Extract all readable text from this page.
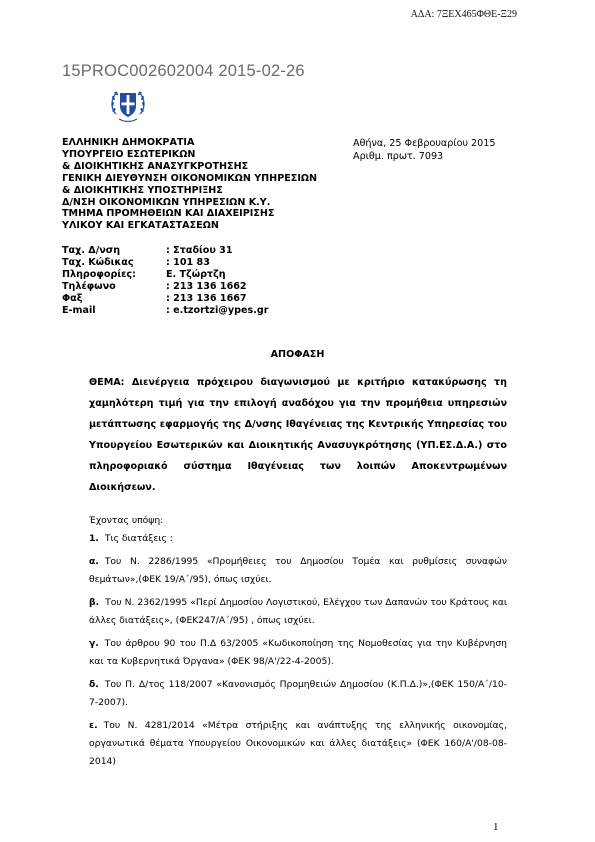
ΑΔΑ: 7ΞΕΧ465ΦΘΕ-Ξ29
15PROC002602004 2015-02-26
ΕΛΛΗΝΙΚΗ ΔΗΜΟΚΡΑΤΙΑ
ΥΠΟΥΡΓΕΙΟ ΕΣΩΤΕΡΙΚΩΝ
& ΔΙΟΙΚΗΤΙΚΗΣ ΑΝΑΣΥΓΚΡΟΤΗΣΗΣ
ΓΕΝΙΚΗ ΔΙΕΥΘΥΝΣΗ ΟΙΚΟΝΟΜΙΚΩΝ ΥΠΗΡΕΣΙΩΝ
& ΔΙΟΙΚΗΤΙΚΗΣ ΥΠΟΣΤΗΡΙΞΗΣ
Δ/ΝΣΗ ΟΙΚΟΝΟΜΙΚΩΝ ΥΠΗΡΕΣΙΩΝ Κ.Υ.
ΤΜΗΜΑ ΠΡΟΜΗΘΕΙΩΝ ΚΑΙ ΔΙΑΧΕΙΡΙΣΗΣ
ΥΛΙΚΟΥ ΚΑΙ ΕΓΚΑΤΑΣΤΑΣΕΩΝ
Ταχ. Δ/νση	: Σταδίου 31
Ταχ. Κώδικας	: 101 83
Πληροφορίες:	Ε. Τζώρτζη
Τηλέφωνο	: 213 136 1662
Φαξ	: 213 136 1667
E-mail	: e.tzortzi@ypes.gr
Αθήνα, 25 Φεβρουαρίου 2015
Αριθμ. πρωτ. 7093
ΑΠΟΦΑΣΗ
ΘΕΜΑ: Διενέργεια πρόχειρου διαγωνισμού με κριτήριο κατακύρωσης τη χαμηλότερη τιμή για την επιλογή αναδόχου για την προμήθεια υπηρεσιών μετάπτωσης εφαρμογής της Δ/νσης Ιθαγένειας της Κεντρικής Υπηρεσίας του Υπουργείου Εσωτερικών και Διοικητικής Ανασυγκρότησης (ΥΠ.ΕΣ.Δ.Α.) στο πληροφοριακό σύστημα Ιθαγένειας των λοιπών Αποκεντρωμένων Διοικήσεων.

Έχοντας υπόψη:

1. Τις διατάξεις :

α. Του Ν. 2286/1995 «Προμήθειες του Δημοσίου Τομέα και ρυθμίσεις συναφών θεμάτων»,(ΦΕΚ 19/Α΄/95), όπως ισχύει.

β. Του Ν. 2362/1995 «Περί Δημοσίου Λογιστικού, Ελέγχου των Δαπανών του Κράτους και άλλες διατάξεις», (ΦΕΚ247/Α΄/95) , όπως ισχύει.

γ. Του άρθρου 90 του Π.Δ 63/2005 «Κωδικοποίηση της Νομοθεσίας για την Κυβέρνηση και τα Κυβερνητικά Όργανα» (ΦΕΚ 98/Α'/22-4-2005).

δ. Του Π. Δ/τος 118/2007 «Κανονισμός Προμηθειών Δημοσίου (Κ.Π.Δ.)»,(ΦΕΚ 150/Α΄/10-7-2007).

ε. Του Ν. 4281/2014 «Μέτρα στήριξης και ανάπτυξης της ελληνικής οικονομίας, οργανωτικά θέματα Υπουργείου Οικονομικών και άλλες διατάξεις» (ΦΕΚ 160/Α'/08-08-2014)

1
